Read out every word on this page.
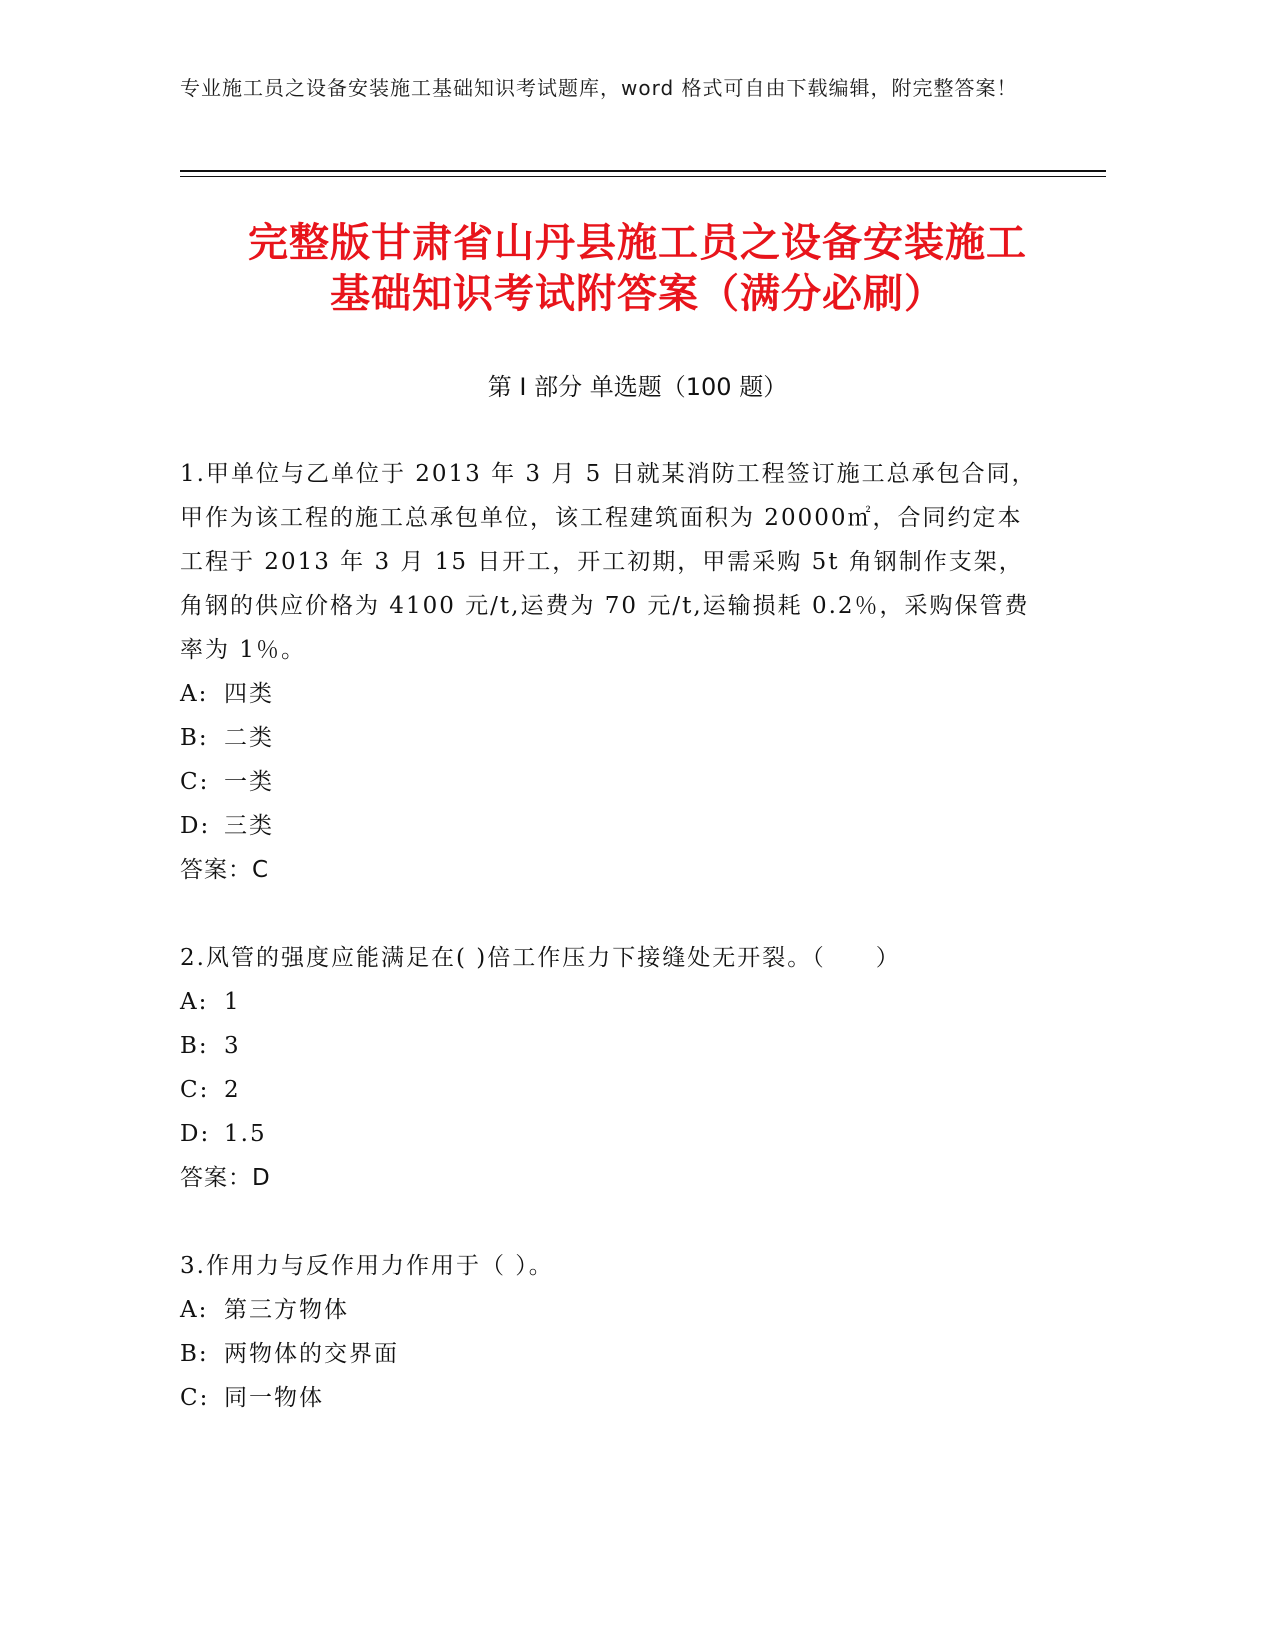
专业施工员之设备安装施工基础知识考试题库，word 格式可自由下载编辑，附完整答案！
完整版甘肃省山丹县施工员之设备安装施工
基础知识考试附答案（满分必刷）
第 I 部分 单选题（100 题）

1.甲单位与乙单位于 2013 年 3 月 5 日就某消防工程签订施工总承包合同，甲作为该工程的施工总承包单位，该工程建筑面积为 20000㎡，合同约定本工程于 2013 年 3 月 15 日开工，开工初期，甲需采购 5t 角钢制作支架，角钢的供应价格为 4100 元/t,运费为 70 元/t,运输损耗 0.2％，采购保管费率为 1％。

A: 四类

B: 二类

C: 一类

D: 三类

答案：C

2.风管的强度应能满足在( )倍工作压力下接缝处无开裂。（　　）

A: 1

B: 3

C: 2

D: 1.5

答案：D

3.作用力与反作用力作用于（ ）。

A: 第三方物体

B: 两物体的交界面

C: 同一物体
